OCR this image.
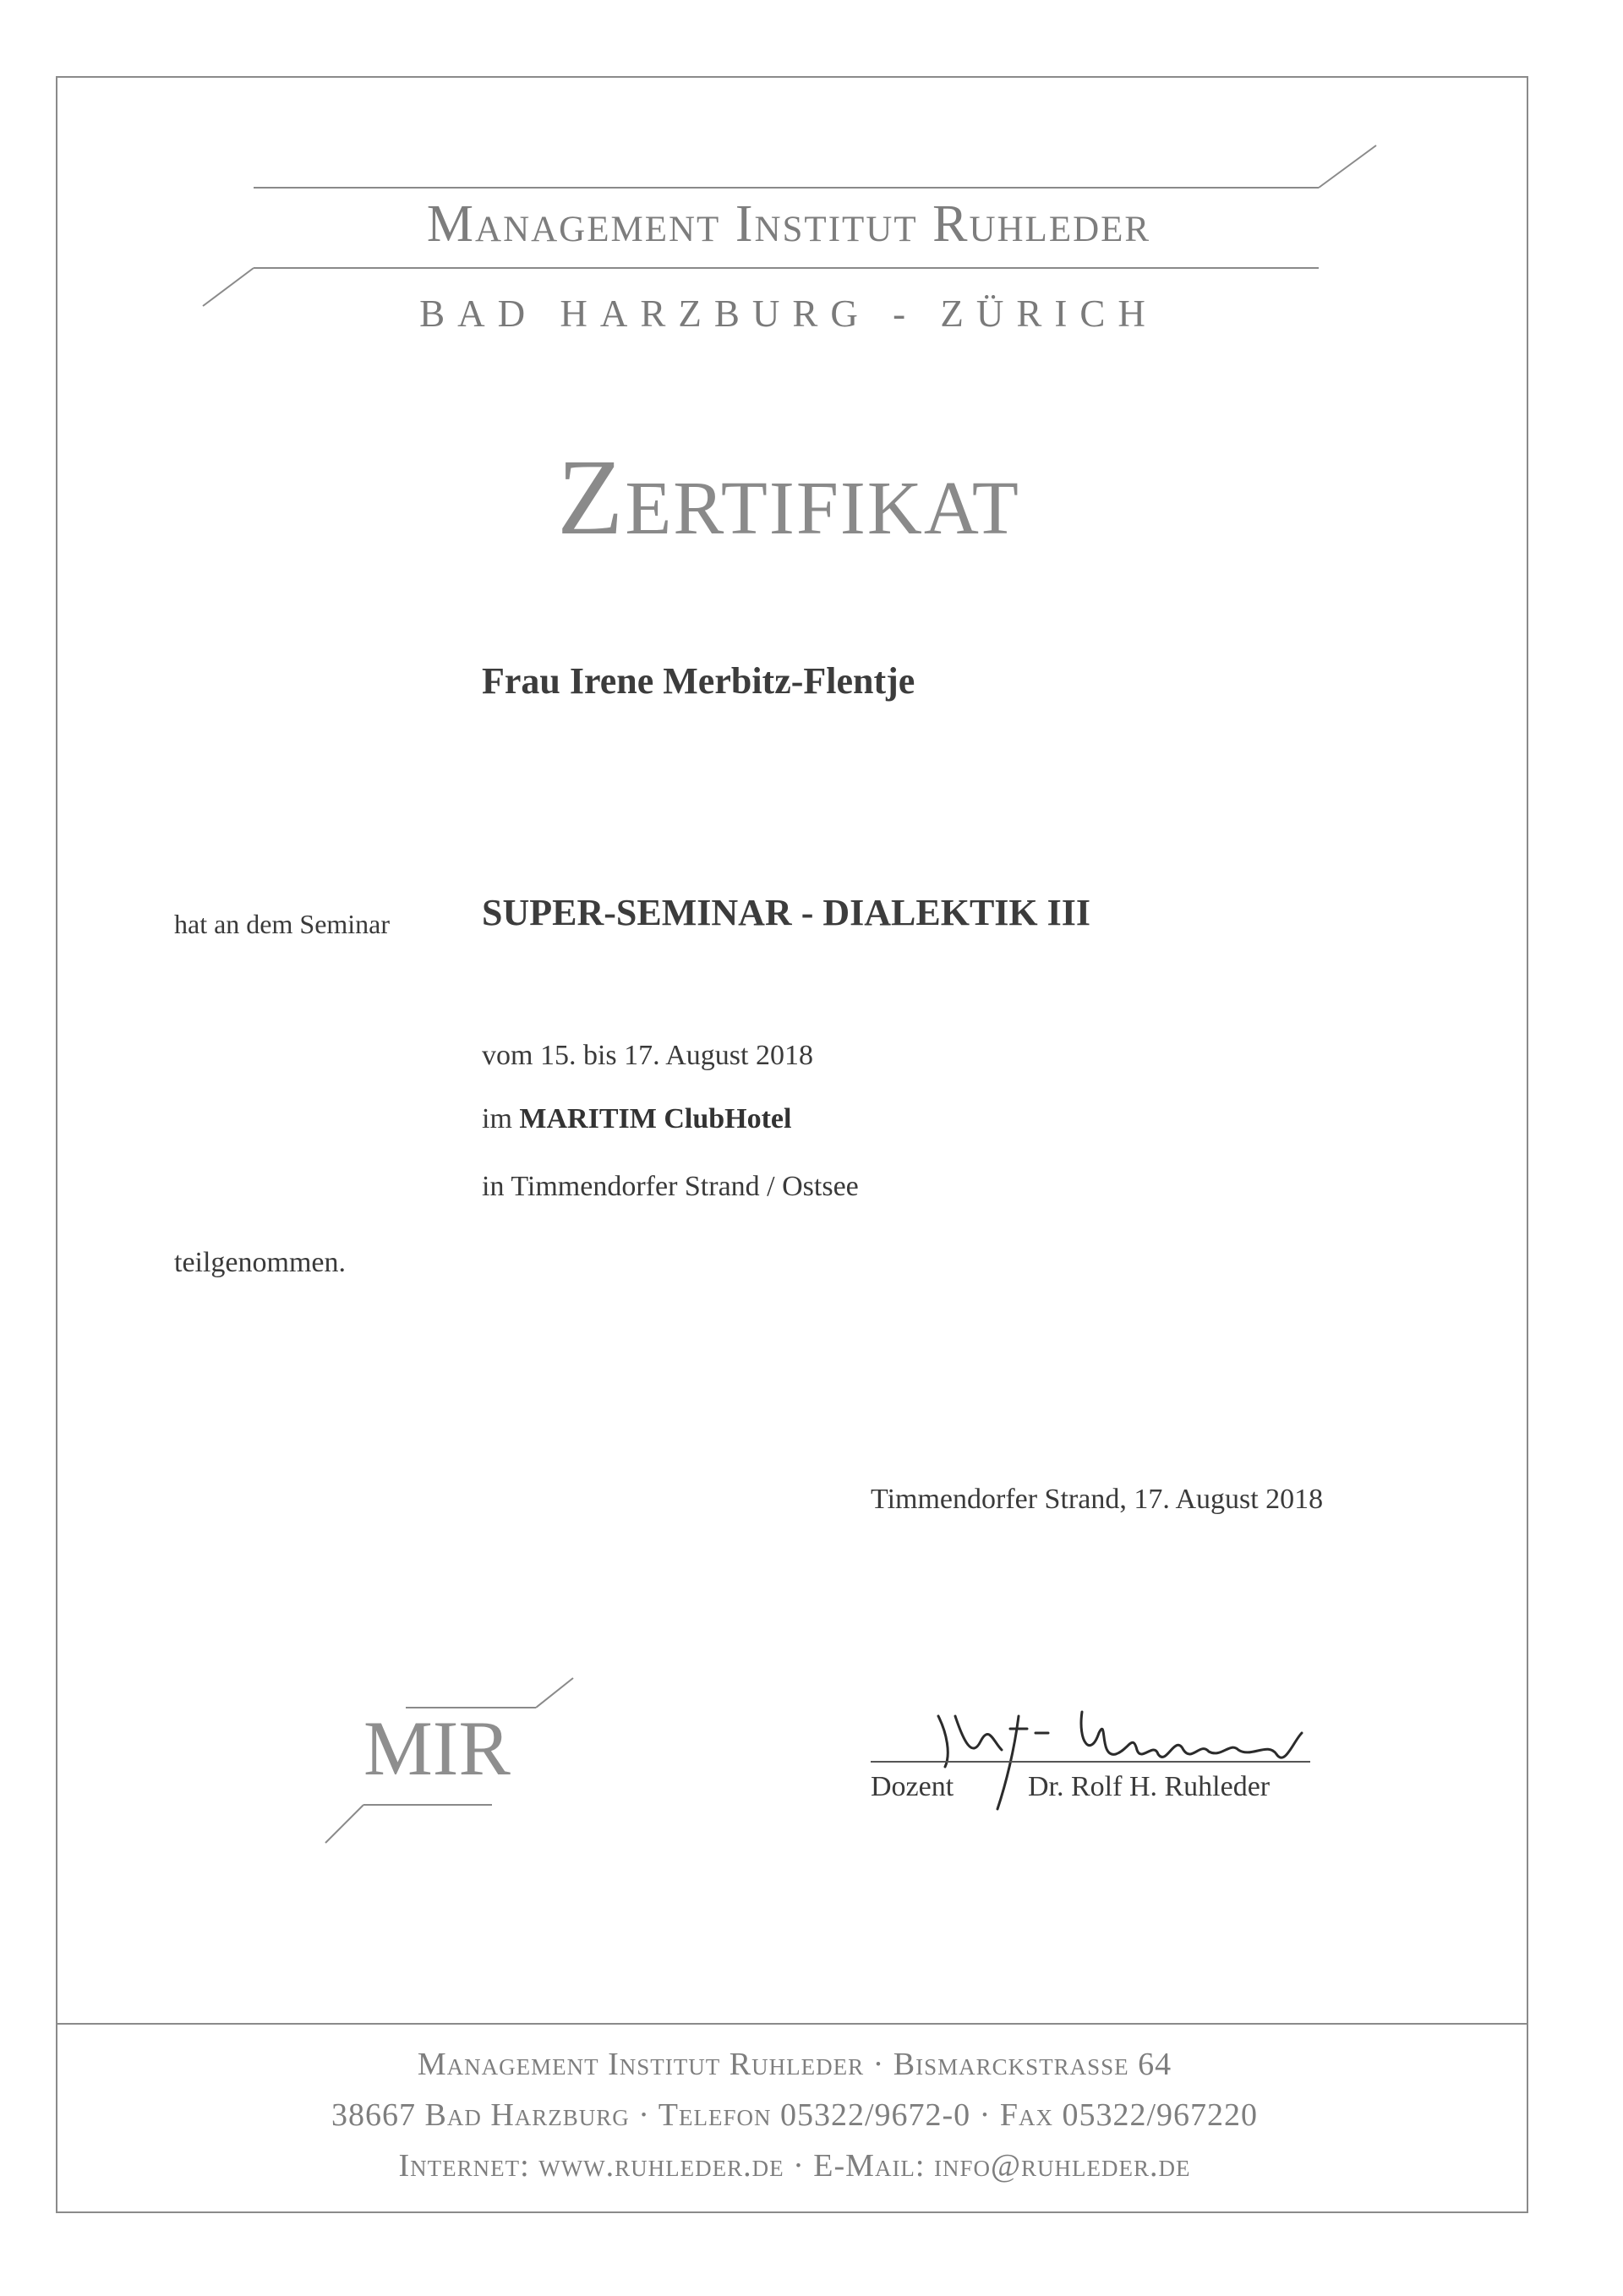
Management Institut Ruhleder
BAD HARZBURG - ZÜRICH
Zertifikat
Frau Irene Merbitz-Flentje
hat an dem Seminar SUPER-SEMINAR - DIALEKTIK III
vom 15. bis 17. August 2018
im MARITIM ClubHotel
in Timmendorfer Strand / Ostsee
teilgenommen.
Timmendorfer Strand, 17. August 2018
MIR	Dozent	Dr. Rolf H. Ruhleder
Management Institut Ruhleder · Bismarckstrasse 64
38667 Bad Harzburg · Telefon 05322/9672-0 · Fax 05322/967220
Internet: www.ruhleder.de · E-Mail: info@ruhleder.de
